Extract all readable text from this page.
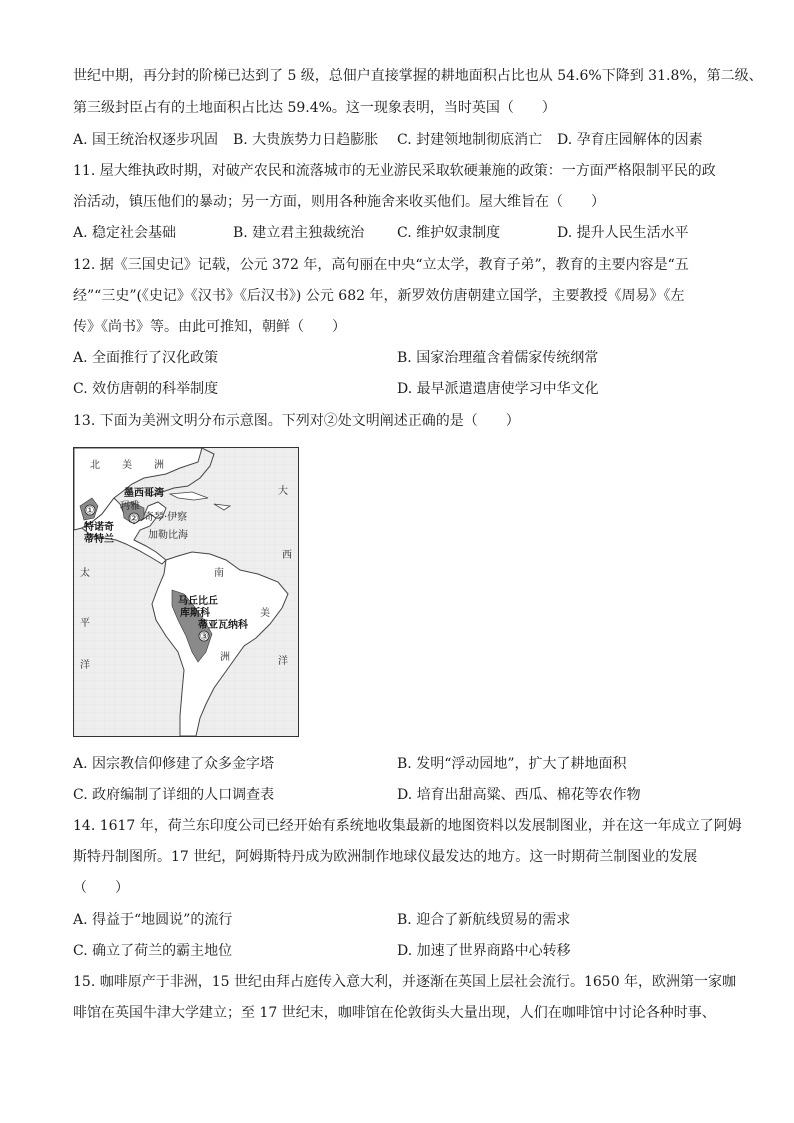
世纪中期，再分封的阶梯已达到了 5 级，总佃户直接掌握的耕地面积占比也从 54.6%下降到 31.8%，第二级、
第三级封臣占有的土地面积占比达 59.4%。这一现象表明，当时英国（　　）
A. 国王统治权逐步巩固 B. 大贵族势力日趋膨胀 C. 封建领地制彻底消亡 D. 孕育庄园解体的因素
11. 屋大维执政时期，对破产农民和流落城市的无业游民采取软硬兼施的政策：一方面严格限制平民的政
治活动，镇压他们的暴动；另一方面，则用各种施舍来收买他们。屋大维旨在（　　）
A. 稳定社会基础	B. 建立君主独裁统治 C. 维护奴隶制度	D. 提升人民生活水平
12. 据《三国史记》记载，公元 372 年，高句丽在中央“立太学，教育子弟”，教育的主要内容是“五
经”“三史”(《史记》《汉书》《后汉书》) 公元 682 年，新罗效仿唐朝建立国学，主要教授《周易》《左
传》《尚书》等。由此可推知，朝鲜（　　）
A. 全面推行了汉化政策	B. 国家治理蕴含着儒家传统纲常
C. 效仿唐朝的科举制度	D. 最早派遣遣唐使学习中华文化
13. 下面为美洲文明分布示意图。下列对②处文明阐述正确的是（　　）
①
②
③
北 美 洲
墨西哥湾
玛雅
奇琴·伊察
特诺奇
蒂特兰	加勒比海
太
平
洋
大
西
洋
南
美
洲
马丘比丘
库斯科
蒂亚瓦纳科
A. 因宗教信仰修建了众多金字塔	B. 发明“浮动园地”，扩大了耕地面积
C. 政府编制了详细的人口调查表	D. 培育出甜高粱、西瓜、棉花等农作物
14. 1617 年，荷兰东印度公司已经开始有系统地收集最新的地图资料以发展制图业，并在这一年成立了阿姆
斯特丹制图所。17 世纪，阿姆斯特丹成为欧洲制作地球仪最发达的地方。这一时期荷兰制图业的发展
（　　）
A. 得益于“地圆说”的流行	B. 迎合了新航线贸易的需求
C. 确立了荷兰的霸主地位	D. 加速了世界商路中心转移
15. 咖啡原产于非洲，15 世纪由拜占庭传入意大利，并逐渐在英国上层社会流行。1650 年，欧洲第一家咖
啡馆在英国牛津大学建立；至 17 世纪末，咖啡馆在伦敦街头大量出现，人们在咖啡馆中讨论各种时事、
